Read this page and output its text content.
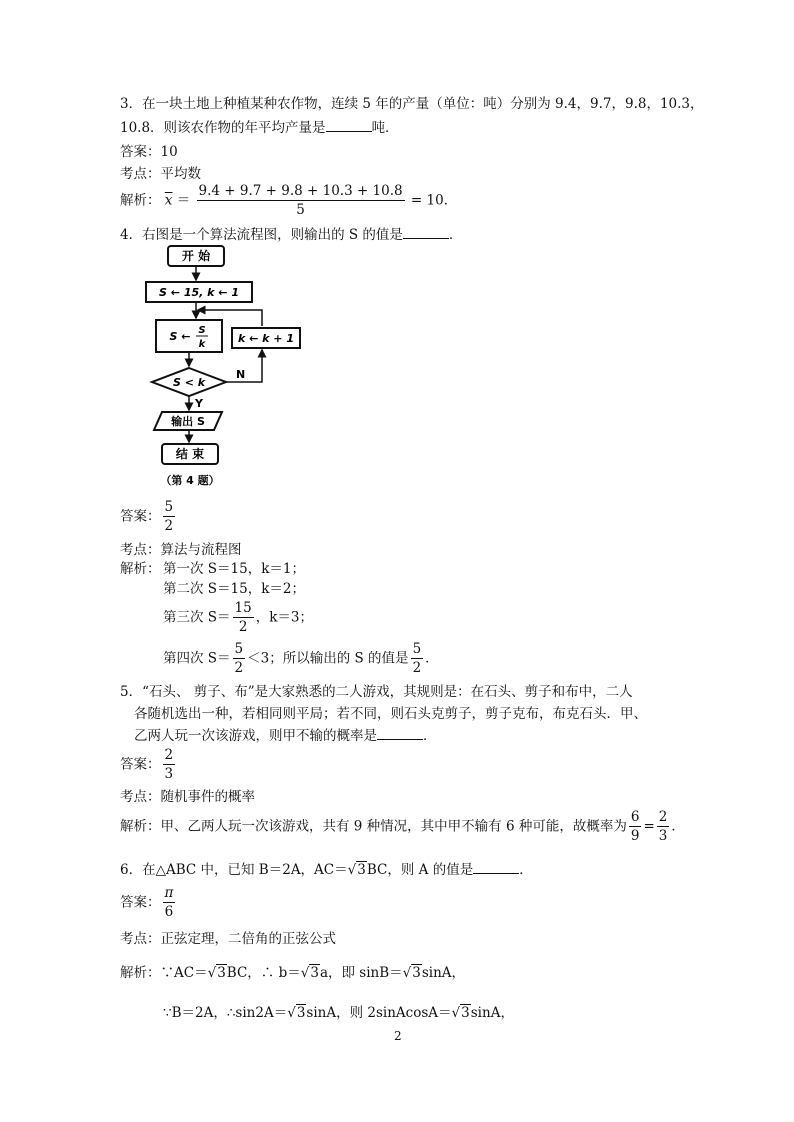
3．在一块土地上种植某种农作物，连续 5 年的产量（单位：吨）分别为 9.4，9.7，9.8，10.3，
10.8．则该农作物的年平均产量是	吨．
答案：10
考点：平均数
解析： $\overline{x} = \frac{9.4 + 9.7 + 9.8 + 10.3 + 10.8}{5} = 10$．
4．右图是一个算法流程图，则输出的 S 的值是	．
开 始
S ← 15, k ← 1
S ← S
k	k ← k + 1
S < k
N
Y
输出 S
结 束
（第 4 题）
答案： $\frac{5}{2}$
考点：算法与流程图
解析： 第一次 S＝15，k＝1；
第二次 S＝15，k＝2；
第三次 $S= \frac{15}{2}$ ，k＝3；
第四次 $S= \frac{5}{2} <3$；所以输出的 S 的值是 $\frac{5}{2}$ ．
5．“石头、 剪子、布”是大家熟悉的二人游戏，其规则是：在石头、剪子和布中，二人
各随机选出一种，若相同则平局；若不同，则石头克剪子，剪子克布，布克石头．甲、
乙两人玩一次该游戏，则甲不输的概率是	．
答案： $\frac{2}{3}$
考点：随机事件的概率
解析：甲、乙两人玩一次该游戏，共有 9 种情况，其中甲不输有 6 种可能，故概率为 $\frac{6}{9} = \frac{2}{3}$ ．
6．在△ABC 中，已知 B＝2A，AC＝√3BC，则 A 的值是	．
答案： $\frac{\pi}{6}$
考点：正弦定理，二倍角的正弦公式
解析：∵AC＝√3BC，∴ b＝√3a，即 sinB＝√3sinA，
∵B＝2A，∴sin2A＝√3sinA，则 2sinAcosA＝√3sinA，
2
